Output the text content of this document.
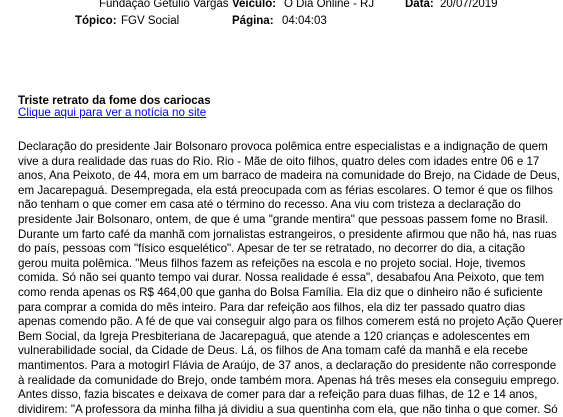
Fundação Getulio Vargas Veículo: O Dia Online - RJ	Data: 20/07/2019
Tópico: FGV Social	Página: 04:04:03
Triste retrato da fome dos cariocas
Clique aqui para ver a notícia no site
Declaração do presidente Jair Bolsonaro provoca polêmica entre especialistas e a indignação de quem
vive a dura realidade das ruas do Rio. Rio - Mãe de oito filhos, quatro deles com idades entre 06 e 17
anos, Ana Peixoto, de 44, mora em um barraco de madeira na comunidade do Brejo, na Cidade de Deus,
em Jacarepaguá. Desempregada, ela está preocupada com as férias escolares. O temor é que os filhos
não tenham o que comer em casa até o término do recesso. Ana viu com tristeza a declaração do
presidente Jair Bolsonaro, ontem, de que é uma "grande mentira" que pessoas passem fome no Brasil.
Durante um farto café da manhã com jornalistas estrangeiros, o presidente afirmou que não há, nas ruas
do país, pessoas com "físico esquelético". Apesar de ter se retratado, no decorrer do dia, a citação
gerou muita polêmica. "Meus filhos fazem as refeições na escola e no projeto social. Hoje, tivemos
comida. Só não sei quanto tempo vai durar. Nossa realidade é essa", desabafou Ana Peixoto, que tem
como renda apenas os R$ 464,00 que ganha do Bolsa Família. Ela diz que o dinheiro não é suficiente
para comprar a comida do mês inteiro. Para dar refeição aos filhos, ela diz ter passado quatro dias
apenas comendo pão. A fé de que vai conseguir algo para os filhos comerem está no projeto Ação Querer
Bem Social, da Igreja Presbiteriana de Jacarepaguá, que atende a 120 crianças e adolescentes em
vulnerabilidade social, da Cidade de Deus. Lá, os filhos de Ana tomam café da manhã e ela recebe
mantimentos. Para a motogirl Flávia de Araújo, de 37 anos, a declaração do presidente não corresponde
à realidade da comunidade do Brejo, onde também mora. Apenas há três meses ela conseguiu emprego.
Antes disso, fazia biscates e deixava de comer para dar a refeição para duas filhas, de 12 e 14 anos,
dividirem: "A professora da minha filha já dividiu a sua quentinha com ela, que não tinha o que comer. Só
